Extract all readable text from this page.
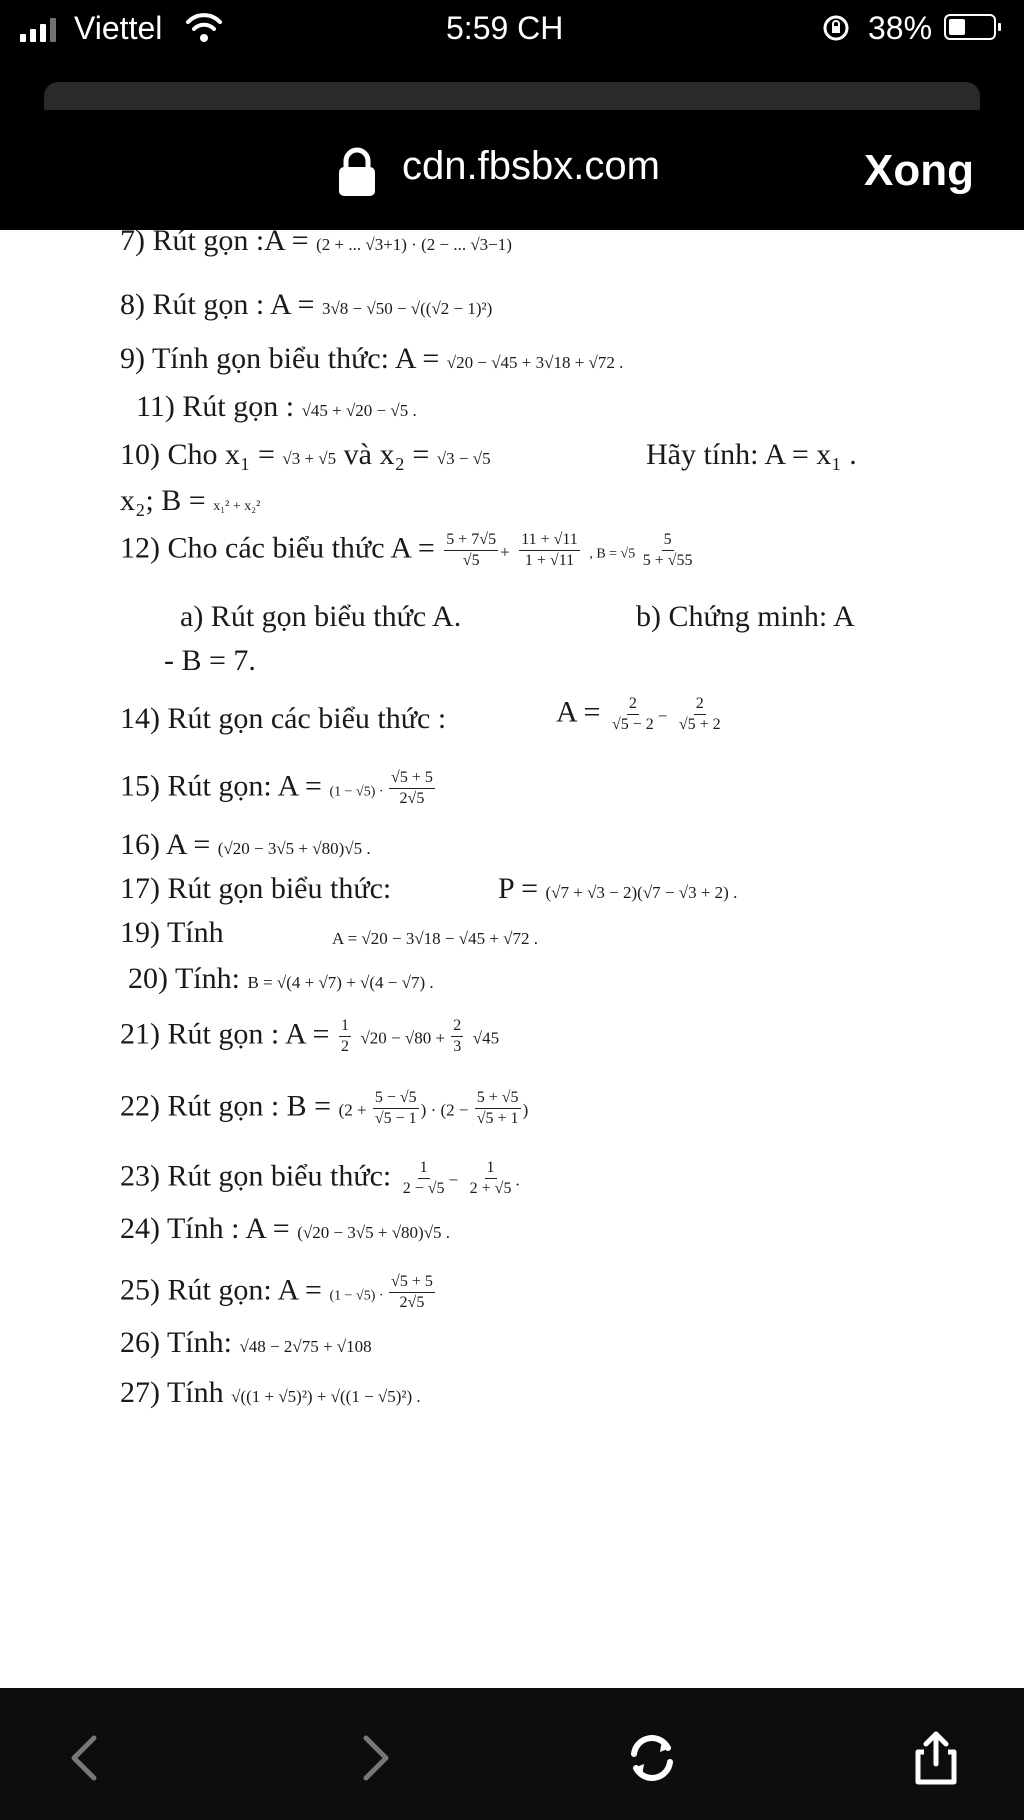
Viettel	5:59 CH	38%
cdn.fbsbx.com	Xong
7) Rút gọn :A = (2 + ... √3+1) · (2 − ... √3−1)
8) Rút gọn : A = 3√8 − √50 − √((√2 − 1)²)
9) Tính gọn biểu thức: A = √20 − √45 + 3√18 + √72 .
11) Rút gọn : √45 + √20 − √5 .
10) Cho x₁ = √3 + √5 và x₂ = √3 − √5	Hãy tính: A = x₁ .
x₂; B = x₁² + x₂²
12) Cho các biểu thức $A = \frac{5 + 7√5}{√5} + \frac{11 + √11}{1 + √11}$ , $B = √5 \frac{5}{5 + √55}$
a) Rút gọn biểu thức A.	b) Chứng minh: A
- B = 7.
14) Rút gọn các biểu thức :	$A = \frac{2}{√5 - 2} - \frac{2}{√5 + 2}$
15) Rút gọn: $A = (1 - √5) \cdot \frac{√5 + 5}{2√5}$
16) A = (√20 − 3√5 + √80)√5 .
17) Rút gọn biểu thức:	P = (√7 + √3 − 2)(√7 − √3 + 2) .
19) Tính	A = √20 − 3√18 − √45 + √72 .
20) Tính: B = √(4 + √7) + √(4 − √7) .
21) Rút gọn : $A = \frac{1}{2} √20 - √80 + \frac{2}{3} √45$
22) Rút gọn : $B = (2 + \frac{5 - √5}{√5 - 1}$ ) · ($2 - \frac{5 + √5}{√5 + 1}$ )
23) Rút gọn biểu thức: $\frac{1}{2 - √5} - \frac{1}{2 + √5}$ .
24) Tính : A = (√20 − 3√5 + √80)√5 .
25) Rút gọn: $A = (1 - √5) \cdot \frac{√5 + 5}{2√5}$
26) Tính: √48 − 2√75 + √108
27) Tính √((1 + √5)²) + √((1 − √5)²) .
